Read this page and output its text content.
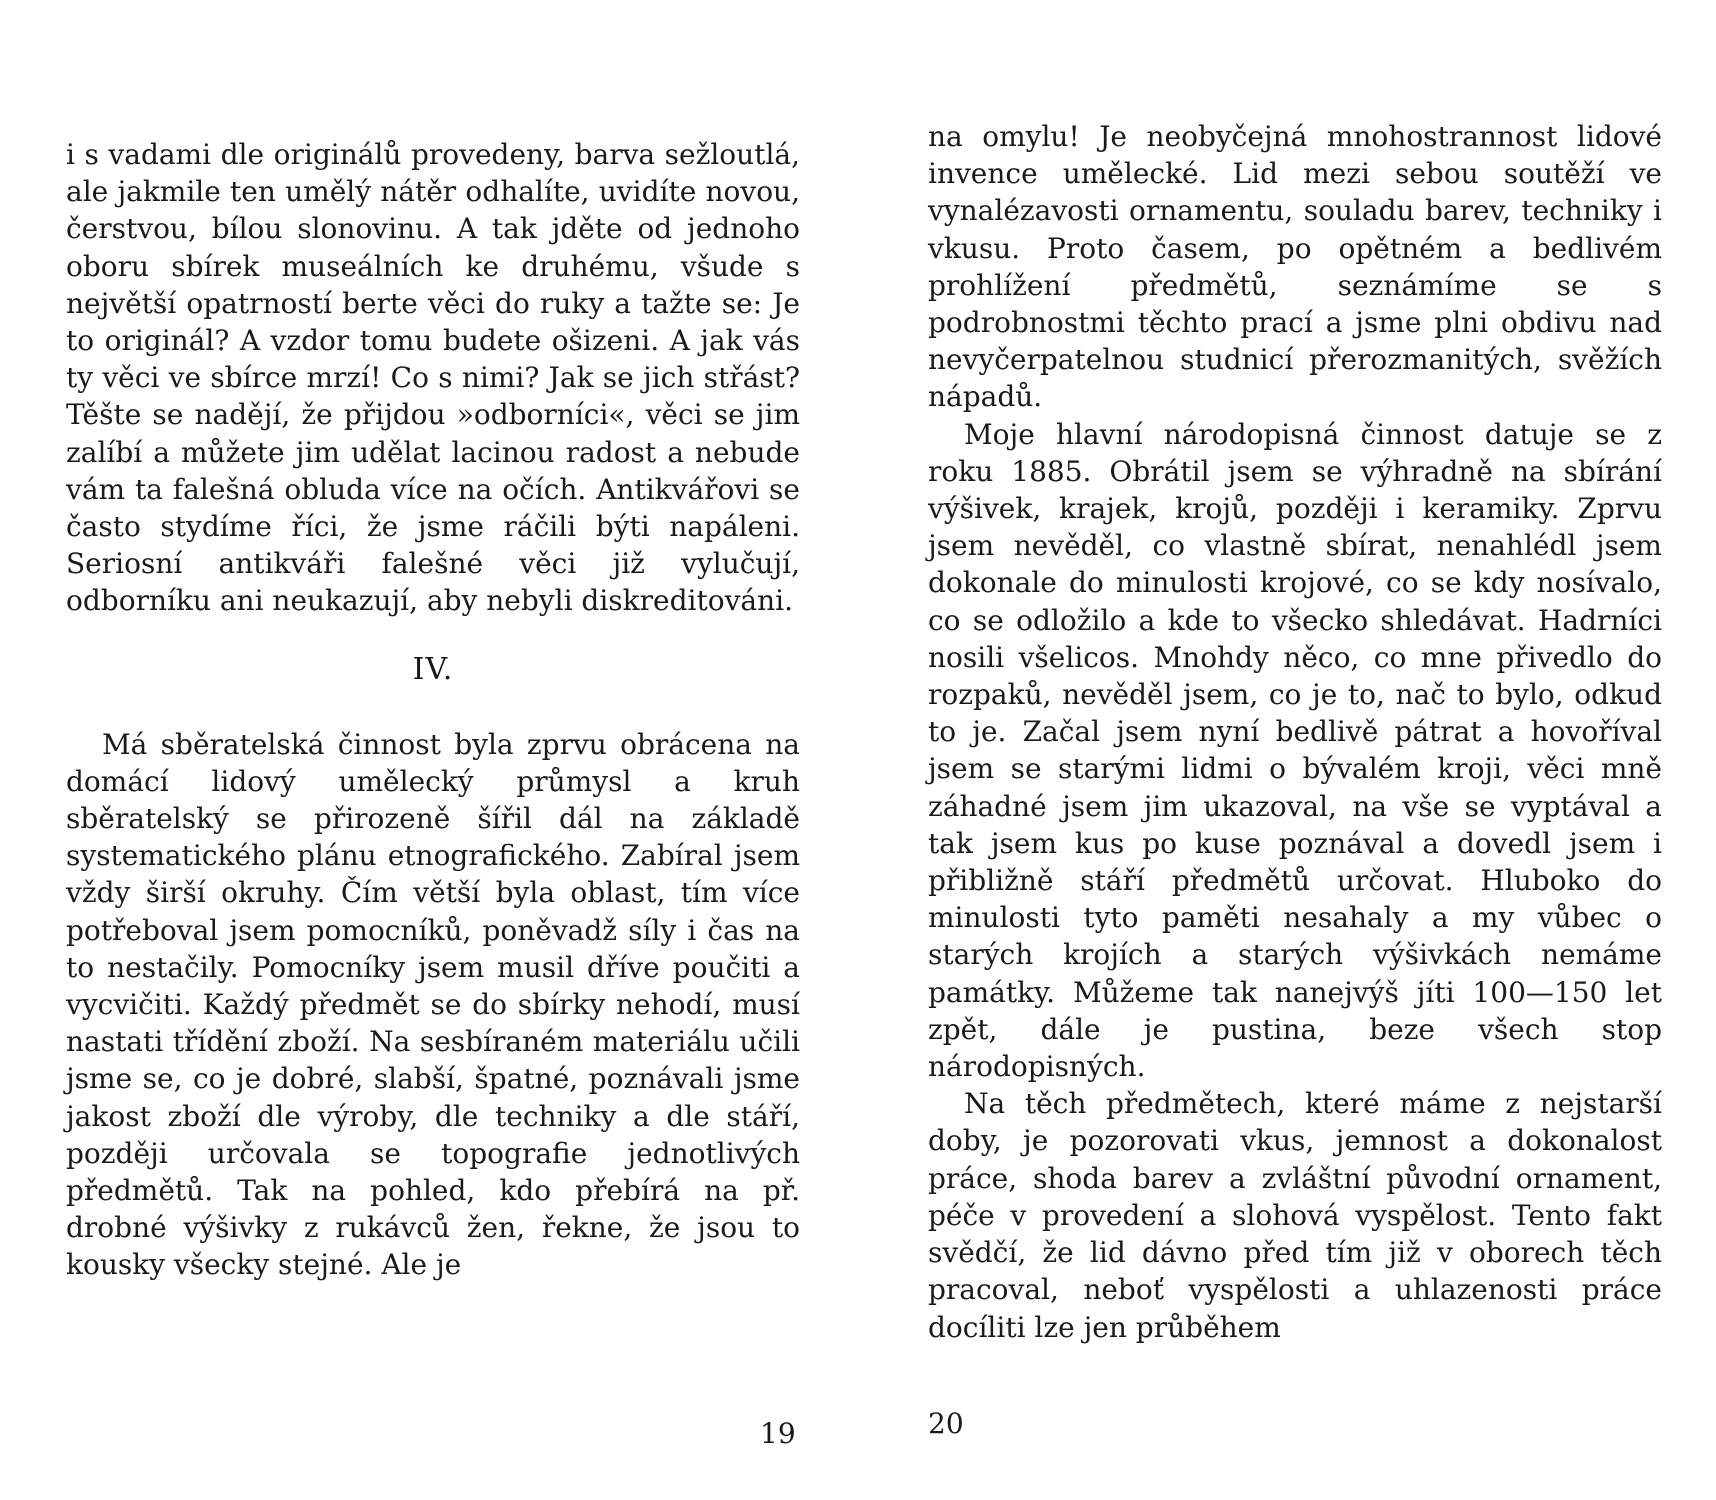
i s vadami dle originálů provedeny, barva sežloutlá, ale jakmile ten umělý nátěr odhalíte, uvidíte novou, čerstvou, bílou slonovinu. A tak jděte od jednoho oboru sbírek museálních ke druhému, všude s největší opatrností berte věci do ruky a tažte se: Je to originál? A vzdor tomu budete ošizeni. A jak vás ty věci ve sbírce mrzí! Co s nimi? Jak se jich střást? Těšte se nadějí, že přijdou »odborníci«, věci se jim zalíbí a můžete jim udělat lacinou radost a nebude vám ta falešná obluda více na očích. Antikvářovi se často stydíme říci, že jsme ráčili býti napáleni. Seriosní antikváři falešné věci již vylučují, odborníku ani neukazují, aby nebyli diskreditováni.

IV.

Má sběratelská činnost byla zprvu obrácena na domácí lidový umělecký průmysl a kruh sběratelský se přirozeně šířil dál na základě systematického plánu etnografického. Zabíral jsem vždy širší okruhy. Čím větší byla oblast, tím více potřeboval jsem pomocníků, poněvadž síly i čas na to nestačily. Pomocníky jsem musil dříve poučiti a vycvičiti. Každý předmět se do sbírky nehodí, musí nastati třídění zboží. Na sesbíraném materiálu učili jsme se, co je dobré, slabší, špatné, poznávali jsme jakost zboží dle výroby, dle techniky a dle stáří, později určovala se topografie jednotlivých předmětů. Tak na pohled, kdo přebírá na př. drobné výšivky z rukávců žen, řekne, že jsou to kousky všecky stejné. Ale je

19

na omylu! Je neobyčejná mnohostrannost lidové invence umělecké. Lid mezi sebou soutěží ve vynalézavosti ornamentu, souladu barev, techniky i vkusu. Proto časem, po opětném a bedlivém prohlížení předmětů, seznámíme se s podrobnostmi těchto prací a jsme plni obdivu nad nevyčerpatelnou studnicí přerozmanitých, svěžích nápadů.

Moje hlavní národopisná činnost datuje se z roku 1885. Obrátil jsem se výhradně na sbírání výšivek, krajek, krojů, později i keramiky. Zprvu jsem nevěděl, co vlastně sbírat, nenahlédl jsem dokonale do minulosti krojové, co se kdy nosívalo, co se odložilo a kde to všecko shledávat. Hadrníci nosili všelicos. Mnohdy něco, co mne přivedlo do rozpaků, nevěděl jsem, co je to, nač to bylo, odkud to je. Začal jsem nyní bedlivě pátrat a hovoříval jsem se starými lidmi o bývalém kroji, věci mně záhadné jsem jim ukazoval, na vše se vyptával a tak jsem kus po kuse poznával a dovedl jsem i přibližně stáří předmětů určovat. Hluboko do minulosti tyto paměti nesahaly a my vůbec o starých krojích a starých výšivkách nemáme památky. Můžeme tak nanejvýš jíti 100—150 let zpět, dále je pustina, beze všech stop národopisných.

Na těch předmětech, které máme z nejstarší doby, je pozorovati vkus, jemnost a dokonalost práce, shoda barev a zvláštní původní ornament, péče v provedení a slohová vyspělost. Tento fakt svědčí, že lid dávno před tím již v oborech těch pracoval, neboť vyspělosti a uhlazenosti práce docíliti lze jen průběhem

20
